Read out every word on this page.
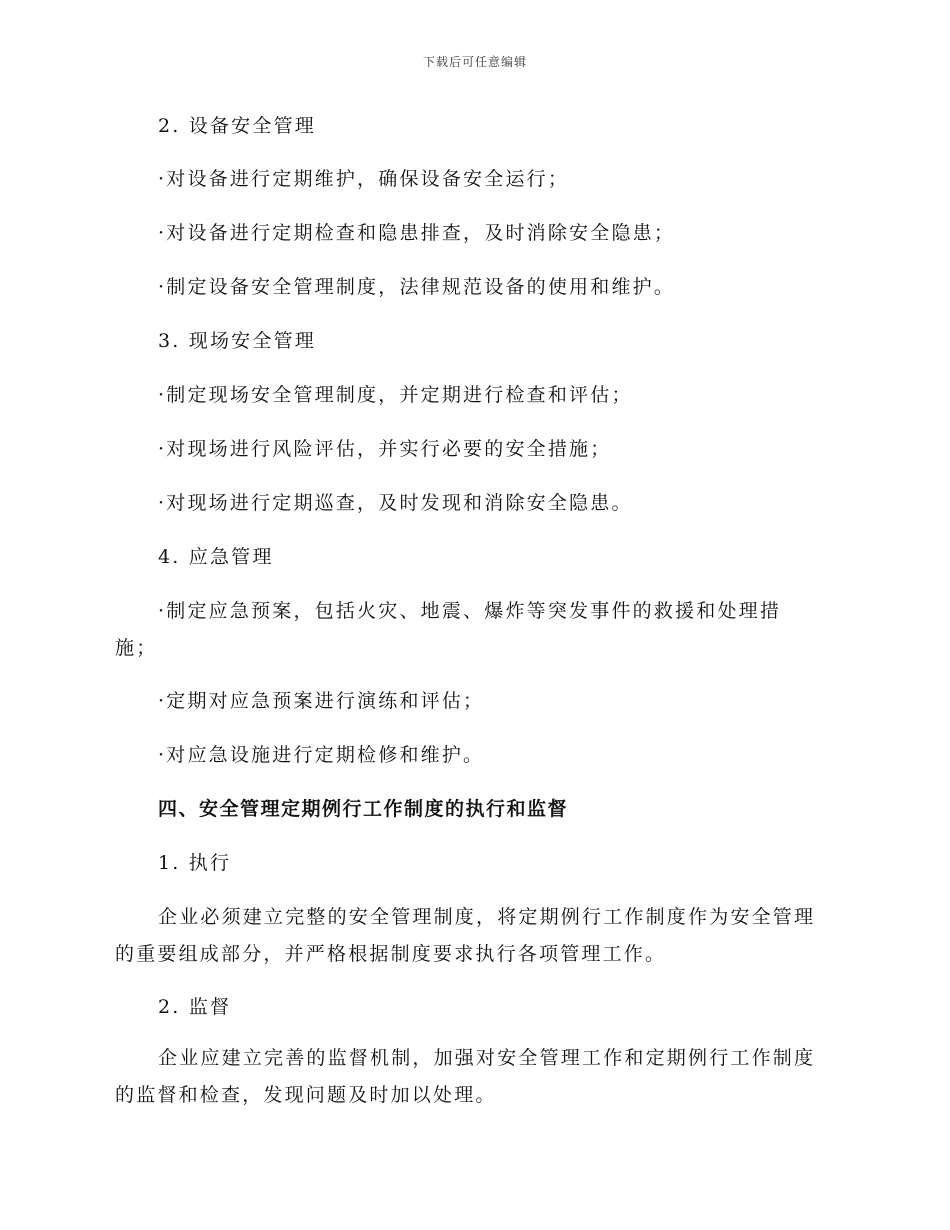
下载后可任意编辑
2. 设备安全管理
·对设备进行定期维护，确保设备安全运行；
·对设备进行定期检查和隐患排查，及时消除安全隐患；
·制定设备安全管理制度，法律规范设备的使用和维护。
3. 现场安全管理
·制定现场安全管理制度，并定期进行检查和评估；
·对现场进行风险评估，并实行必要的安全措施；
·对现场进行定期巡查，及时发现和消除安全隐患。
4. 应急管理
·制定应急预案，包括火灾、地震、爆炸等突发事件的救援和处理措
施；
·定期对应急预案进行演练和评估；
·对应急设施进行定期检修和维护。
四、安全管理定期例行工作制度的执行和监督
1. 执行
企业必须建立完整的安全管理制度，将定期例行工作制度作为安全管理
的重要组成部分，并严格根据制度要求执行各项管理工作。
2. 监督
企业应建立完善的监督机制，加强对安全管理工作和定期例行工作制度
的监督和检查，发现问题及时加以处理。
